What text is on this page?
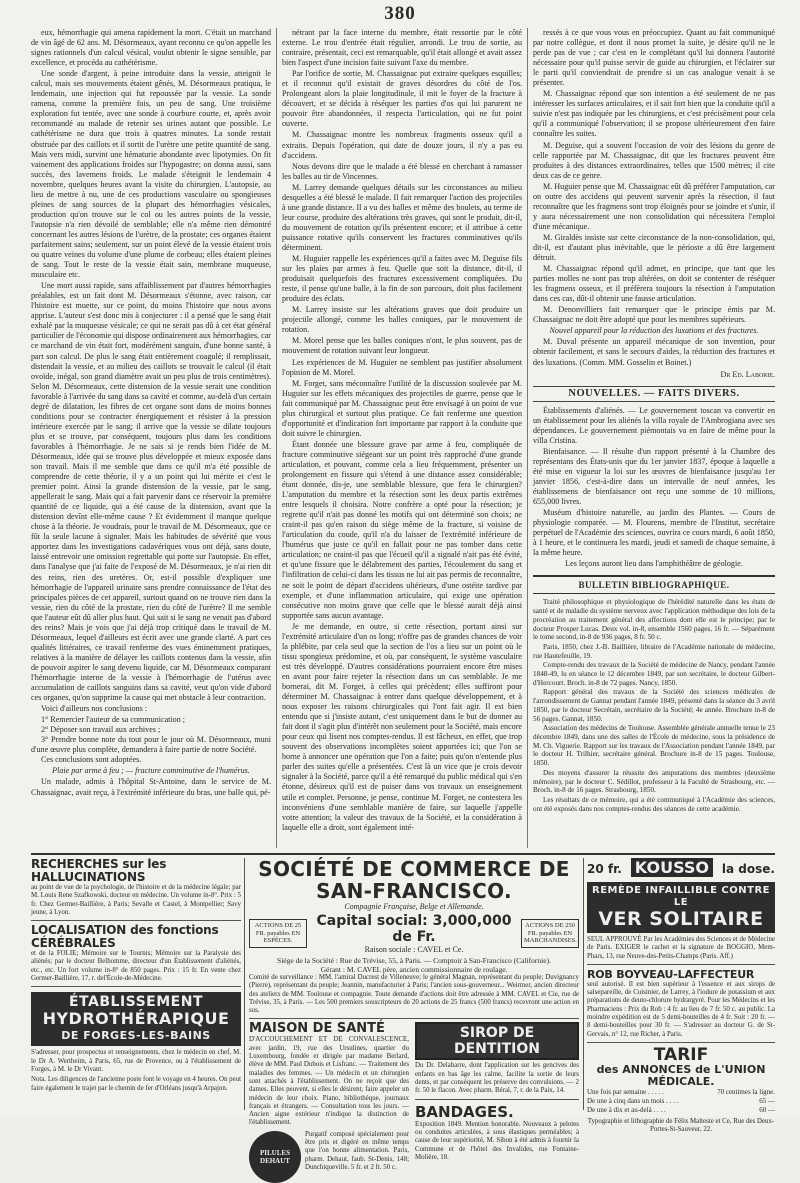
380

eux, hémorrhagie qui amena rapidement la mort. C'était un marchand de vin âgé de 62 ans. M. Désormeaux, ayant reconnu ce qu'on appelle les signes rationnels d'un calcul vésical, voulut obtenir le signe sensible, par excellence, et procéda au cathétérisme.

Une sonde d'argent, à peine introduite dans la vessie, atteignit le calcul, mais ses mouvements étaient gênés, M. Désormeaux pratiqua, le lendemain, une injection qui fut repoussée par la vessie. La sonde ramena, comme la première fois, un peu de sang. Une troisième exploration fut tentée, avec une sonde à courbure courte, et, après avoir recommandé au malade de retenir ses urines autant que possible. Le cathétérisme ne dura que trois à quatres minutes. La sonde restait obstruée par des caillots et il sortit de l'urètre une petite quantité de sang. Mais vers midi, survint une hématurie abondante avec lipotymies. On fit vainement des applications froides sur l'hypogastre; on donna aussi, sans succès, des lavemens froids. Le malade s'éteignit le lendemain 4 novembre, quelques heures avant la visite du chirurgien. L'autopsie, au lieu de mettre à nu, une de ces productions vasculaire ou spongieuses pleines de sang sources de la plupart des hémorrhagies vésicales, production qu'on trouve sur le col ou les autres points de la vessie, l'autopsie n'a rien dévoilé de semblable; elle n'a même rien démontré concernant les autres lésions de l'urètre, de la prostate; ces organes étaient parfaitement sains; seulement, sur un point élevé de la vessie étaient trois ou quatre veines du volume d'une plume de corbeau; elles étaient pleines de sang. Tout le reste de la vessie était sain, membrane muqueuse, musculaire etc.

Une mort aussi rapide, sans affaiblissement par d'autres hémorrhagies préalables, est un fait dont M. Désormeaux s'étonne, avec raison, car l'histoire est muette, sur ce point, du moins l'histoire que nous avons apprise. L'auteur s'est donc mis à conjecturer : il a pensé que le sang était exhalé par la muqueuse vésicale; ce qui ne serait pas dû à cet état général particulier de l'économie qui dispose ordinairement aux hémorrhagies, car ce marchand de vin était fort, modérément sanguin, d'une bonne santé, à part son calcul. De plus le sang était entièrement coagulé; il remplissait, distendait la vessie, et au milieu des caillots se trouvait le calcul (il était ovoïde, inégal, son grand diamètre avait un peu plus de trois centimètres). Selon M. Désormeaux, cette distension de la vessie serait une condition favorable à l'arrivée du sang dans sa cavité et comme, au-delà d'un certain degré de dilatation, les fibres de cet organe sont dans de moins bonnes conditions pour se contracter énergiquement et résister à la pression intérieure exercée par le sang; il arrive que la vessie se dilate toujours plus et se trouve, par conséquent, toujours plus dans les conditions favorables à l'hémorrhagie. Je ne sais si je rends bien l'idée de M. Désormeaux, idée qui se trouve plus développée et mieux exposée dans son travail. Mais il me semble que dans ce qu'il m'a été possible de comprendre de cette théorie, il y a un point qui lui mérite et c'est le premier point. Ainsi la grande distension de la vessie, par le sang, appellerait le sang. Mais qui a fait parvenir dans ce réservoir la première quantité de ce liquide, qui a été cause de la distension, avant que la distension devînt elle-même cause ? Et évidemment il manque quelque chose à la théorie. Je voudrais, pour le travail de M. Désormeaux, que ce fût la seule lacune à signaler. Mais les habitudes de sévérité que vous apportez dans les investigations cadavériques vous ont déjà, sans doute, laissé entrevoir une omission regrettable qui porte sur l'autopsie. En effet, dans l'analyse que j'ai faite de l'exposé de M. Désormeaux, je n'ai rien dit des reins, rien des uretères. Or, est-il possible d'expliquer une hémorrhagie de l'appareil urinaire sans prendre connaissance de l'état des principales pièces de cet appareil, surtout quand on ne trouve rien dans la vessie, rien du côté de la prostate, rien du côté de l'urètre? Il me semble que l'auteur eût dû aller plus haut. Qui sait si le sang ne venait pas d'abord des reins? Mais je vois que j'ai déjà trop critiqué dans le travail de M. Désormeaux, lequel d'ailleurs est écrit avec une grande clarté. A part ces qualités littéraires, ce travail renferme des vues éminemment pratiques, relatives à la manière de délayer les caillots contenus dans la vessie, afin de pouvoir aspirer le sang devenu liquide, car M. Désormeaux comparant l'hémorrhagie interne de la vessie à l'hémorrhagie de l'utérus avec accumulation de caillots sanguins dans sa cavité, veut qu'on vide d'abord ces organes, qu'on supprime la cause qui met obstacle à leur contraction.

Voici d'ailleurs nos conclusions :

1° Remercier l'auteur de sa communication ;
2° Déposer son travail aux archives ;
3° Prendre bonne note du tout pour le jour où M. Désormeaux, muni d'une œuvre plus complète, demandera à faire partie de notre Société.

Ces conclusions sont adoptées.

Plaie par arme à feu ; — fracture comminutive de l'humérus.

Un malade, admis à l'hôpital St-Antoine, dans le service de M. Chassaignac, avait reçu, à l'extrémité inférieure du bras, une balle qui, pé-

nétrant par la face interne du membre, était ressortie par le côté externe. Le trou d'entrée était régulier, arrondi. Le trou de sortie, au contraire, présentait, ceci est remarquable, qu'il était allongé et avait assez bien l'aspect d'une incision faite suivant l'axe du membre.

Par l'orifice de sortie, M. Chassaignac put extraire quelques esquilles; et il reconnut qu'il existait de graves désordres du côté de l'os. Prolongeant alors la plaie longitudinale, il mit le foyer de la fracture à découvert, et se décida à réséquer les parties d'os qui lui parurent ne pouvoir être abandonnées, il respecta l'articulation, qui ne fut point ouverte.

M. Chassaignac montre les nombreux fragments osseux qu'il a extraits. Depuis l'opération, qui date de douze jours, il n'y a pas eu d'accidens.

Nous devons dire que le malade a été blessé en cherchant à ramasser les balles au tir de Vincennes.

M. Larrey demande quelques détails sur les circonstances au milieu desquelles a été blessé le malade. Il fait remarquer l'action des projectiles à une grande distance. Il a vu des balles et même des boulets, au terme de leur course, produire des altérations très graves, qui sont le produit, dit-il, du mouvement de rotation qu'ils présentent encore; et il attribue à cette puissance rotative qu'ils conservent les fractures comminutives qu'ils déterminent.

M. Huguier rappelle les expériences qu'il a faites avec M. Deguise fils sur les plaies par armes à feu. Quelle que soit la distance, dit-il, il produisait quelquefois des fractures excessivement compliquées. Du reste, il pense qu'une balle, à la fin de son parcours, doit plus facilement produire des éclats.

M. Larrey insiste sur les altérations graves que doit produire un projectile allongé, comme les balles coniques, par le mouvement de rotation.

M. Morel pense que les balles coniques n'ont, le plus souvent, pas de mouvement de rotation suivant leur longueur.

Les expériences de M. Huguier ne semblent pas justifier absolument l'opinion de M. Morel.

M. Forget, sans méconnaître l'utilité de la discussion soulevée par M. Huguier sur les effets mécaniques des projectiles de guerre, pense que le fait communiqué par M. Chassaignac peut être envisagé à un point de vue plus chirurgical et surtout plus pratique. Ce fait renferme une question d'opportunité et d'indication fort importante par rapport à la conduite que doit suivre le chirurgien.

Étant donnée une blessure grave par arme à feu, compliquée de fracture comminutive siégeant sur un point très rapproché d'une grande articulation, et pouvant, comme cela a lieu fréquemment, présenter un prolongement en fissure qui s'étend à une distance assez considérable; étant donnée, dis-je, une semblable blessure, que fera le chirurgien? L'amputation du membre et la résection sont les deux partis extrêmes entre lesquels il choisira. Notre confrère a opté pour la résection; je regrette qu'il n'ait pas donné les motifs qui ont déterminé son choix; ne craint-il pas qu'en raison du siège même de la fracture, si voisine de l'articulation du coude, qu'il n'a du laisser de l'extrémité inférieure de l'humérus que juste ce qu'il en fallait pour ne pas tomber dans cette articulation; ne craint-il pas que l'écueil qu'il a signalé n'ait pas été évité, et qu'une fissure que le délabrement des parties, l'écoulement du sang et l'infiltration de celui-ci dans les tissus ne lui ait pas permis de reconnaître, ne soit le point de départ d'accidens ultérieurs, d'une ostéite tardive par exemple, et d'une inflammation articulaire, qui exige une opération consécutive non moins grave que celle que le blessé aurait déjà ainsi supportée sans aucun avantage.

Je me demande, en outre, si cette résection, portant ainsi sur l'extrémité articulaire d'un os long; n'offre pas de grandes chances de voir la phlébite, par cela seul que la section de l'os a lieu sur un point où le tissu spongieux prédomine, et où, par conséquent, le système vasculaire est très développé. D'autres considérations pourraient encore être mises en avant pour faire rejeter la résection dans un cas semblable. Je me bornerai, dit M. Forget, à celles qui précèdent; elles suffiront pour déterminer M. Chassaignac à entrer dans quelque développement, et à nous exposer les raisons chirurgicales qui l'ont fait agir. Il est bien entendu que si j'insiste autant, c'est uniquement dans le but de donner au fait dont il s'agit plus d'intérêt non seulement pour la Société, mais encore pour ceux qui lisent nos comptes-rendus. Il est fâcheux, en effet, que trop souvent des observations incomplètes soient apportées ici; que l'on se borne à annoncer une opération que l'on a faite; puis qu'on n'entende plus parler des suites qu'elle a présentées. C'est là un vice que je crois devoir signaler à la Société, parce qu'il a été remarqué du public médical qui s'en étonne, désireux qu'il est de puiser dans vos travaux un enseignement utile et complet. Personne, je pense, continue M. Forget, ne contestera les inconvéniens d'une semblable manière de faire, sur laquelle j'appelle votre attention; la valeur des travaux de la Société, et la considération à laquelle elle a droit, sont également inté-

ressés à ce que vous vous en préoccupiez. Quant au fait communiqué par notre collègue, et dont il nous promet la suite, je désire qu'il ne le perde pas de vue ; car c'est en le complétant qu'il lui donnera l'autorité nécessaire pour qu'il puisse servir de guide au chirurgien, et l'éclairer sur le parti qu'il conviendrait de prendre si un cas analogue venait à se présenter.

M. Chassaignac répond que son intention a été seulement de ne pas intéresser les surfaces articulaires, et il sait fort bien que la conduite qu'il a suivie n'est pas indiquée par les chirurgiens, et c'est précisément pour cela qu'il a communiqué l'observation; il se propose ultérieurement d'en faire connaître les suites.

M. Deguise, qui a souvent l'occasion de voir des lésions du genre de celle rapportée par M. Chassaignac, dit que les fractures peuvent être produites à des distances extraordinaires, telles que 1500 mètres; il cite deux cas de ce genre.

M. Huguier pense que M. Chassaignac eût dû préférer l'amputation, car on outre des accidens qui peuvent survenir après la résection, il faut reconnaître que les fragmens sont trop éloignés pour se joindre et s'unir, il y aura nécessairement une non consolidation qui nécessitera l'emploi d'une mécanique.

M. Giraldès insiste sur cette circonstance de la non-consolidation, qui, dit-il, est d'autant plus inévitable, que le périoste a dû être largement détruit.

M. Chassaignac répond qu'il admet, en principe, que tant que les parties molles ne sont pas trop altérées, on doit se contenter de réséquer les fragmens osseux, et il préfèrera toujours la résection à l'amputation dans ces cas, dût-il obtenir une fausse articulation.

M. Denonvilliers fait remarquer que le principe émis par M. Chassaignac ne doit être adopté que pour les membres supérieurs.

Nouvel appareil pour la réduction des luxations et des fractures.

M. Duval présente un appareil mécanique de son invention, pour obtenir facilement, et sans le secours d'aides, la réduction des fractures et des luxations. (Comm. MM. Gosselin et Boinet.)

Dr Ed. Laborie.

NOUVELLES. — FAITS DIVERS.

Établissements d'aliénés. — Le gouvernement toscan va convertir en un établissement pour les aliénés la villa royale de l'Ambrogiana avec ses dépendances. Le gouvernement piémontais va en faire de même pour la villa Cristina.

Bienfaisance. — Il résulte d'un rapport présenté à la Chambre des représentans des États-unis que du 1er janvier 1837, époque à laquelle a été mise en vigueur la loi sur les œuvres de bienfaisance jusqu'au 1er janvier 1856, c'est-à-dire dans un intervalle de neuf années, les établissemens de bienfaisance ont reçu une somme de 10 millions, 655,000 livres.

Muséum d'histoire naturelle, au jardin des Plantes. — Cours de physiologie comparée. — M. Flourens, membre de l'Institut, secrétaire perpétuel de l'Académie des sciences, ouvrira ce cours mardi, 6 août 1850, à 1 heure, et le continuera les mardi, jeudi et samedi de chaque semaine, à la même heure.

Les leçons auront lieu dans l'amphithéâtre de géologie.

BULLETIN BIBLIOGRAPHIQUE.

Traité philosophique et physiologique de l'hérédité naturelle dans les états de santé et de maladie du système nerveux avec l'application méthodique des lois de la procréation au traitement général des affections dont elle est le principe; par le docteur Prosper Lucas. Deux vol. in-8, ensemble 1560 pages, 16 fr. — Séparément le tome second, in-8 de 936 pages, 8 fr. 50 c.

Paris, 1850, chez J.-B. Baillière, libraire de l'Académie nationale de médecine, rue Hautefeuille, 19.

Compte-rendu des travaux de la Société de médecine de Nancy, pendant l'année 1848-49, lu en séance le 12 décembre 1849, par son secrétaire, le docteur Gilbert-d'Hercourt. Broch. in-8 de 72 pages. Nancy, 1850.

Rapport général des travaux de la Société des sciences médicales de l'arrondissement de Gannat pendant l'année 1849, présenté dans la séance du 3 avril 1850, par le docteur Secrétain, secrétaire de la Société; 4e année. Brochure in-8 de 56 pages. Gannat, 1850.

Association des médecins de Toulouse. Assemblée générale annuelle tenue le 23 décembre 1849, dans une des salles de l'École de médecine, sous la présidence de M. Ch. Viguerie. Rapport sur les travaux de l'Association pendant l'année 1849, par le docteur H. Trilhier, secrétaire général. Brochure in-8 de 15 pages. Toulouse, 1850.

Des moyens d'assurer la réussite des amputations des membres (deuxième mémoire), par le docteur C. Sédillot, professeur à la Faculté de Strasbourg, etc. — Broch. in-8 de 16 pages. Strasbourg, 1850.

Les résultats de ce mémoire, qui a été communiqué à l'Académie des sciences, ont été exposés dans nos comptes-rendus des séances de cette académie.

RECHERCHES sur les HALLUCINATIONS
au point de vue de la psychologie, de l'histoire et de la médecine légale; par M. Louis Rene Szafkowski, docteur en médecine. Un volume in-8°. Prix : 5 fr. Chez Germer-Baillière, à Paris; Sevalle et Castel, à Montpellier; Savy jeune, à Lyon.
LOCALISATION des fonctions CÉRÉBRALES
et de la FOLIE; Mémoire sur le Tournis; Mémoire sur la Paralysie des aliénés; par le docteur Belhomme, directeur d'un Établissement d'aliénés, etc., etc. Un fort volume in-8° de 850 pages. Prix : 15 fr. En vente chez Germer-Baillière, 17, r. del'École-de-Médecine.
ÉTABLISSEMENT
HYDROTHÉRAPIQUE
DE FORGES-LES-BAINS
S'adresser, pour prospectus et renseignements, chez le médecin en chef, M. le Dr A. Wertheim, à Paris, 65, rue de Provence, ou à l'établissement de Forges, à M. le Dr Vivant.
Nota. Les diligences de l'ancienne poste font le voyage en 4 heures. On peut faire également le trajet par le chemin de fer d'Orléans jusqu'à Arpajon.
SOCIÉTÉ DE COMMERCE DE SAN-FRANCISCO.
Compagnie Française, Belge et Allemande.
ACTIONS DE 25 FR. payables EN ESPÈCES.
Capital social: 3,000,000 de Fr.
Raison sociale : CAVEL et Ce.
ACTIONS DE 250 FR. payables EN MARCHANDISES.
Siége de la Société : Rue de Trévise, 55, à Paris. — Comptoir à San-Francisco (Californie).
Gérant : M. CAVEL père, ancien commissionnaire de roulage.
Comité de surveillance : MM. l'amiral Ducrest de Villeneuve; le général Magnan, représentant du peuple; Duvignancy (Pierre), représentant du peuple; Jeannin, manufacturier à Paris; l'ancien sous-gouverneur... Weirmer, ancien directeur des ateliers de MM. Toulouse et compagnie. Toute demande d'actions doit être adressée à MM. CAVEL et Cie, rue de Trévise, 35, à Paris. — Les 500 premiers souscripteurs de 20 actions de 25 francs (500 francs) recevront une action en sus.
MAISON DE SANTÉ
D'ACCOUCHEMENT ET DE CONVALESCENCE, avec jardin, 19, rue des Ursulines, quartier du Luxembourg, fondée et dirigée par madame Berlard, élève de MM. Paul Dubois et Lisfranc. — Traitement des maladies des femmes. — Un médecin et un chirurgien sont attachés à l'établissement. On ne reçoit que des dames. Elles peuvent, si elles le désirent, faire appeler un médecin de leur choix. Piano, bibliothèque, journaux français et étrangers. — Consultation tous les jours. — Ancien aigne extérieur n'indique la distinction de l'établissement.
PILULES DEHAUT
Purgatif composé spécialement pour être pris et digéré en même temps que l'on bonne alimentation. Paris, pharm. Dehaut, faub. St-Denis, 148; Dunchiqueville. 5 fr. et 2 fr. 50 c.
SIROP DE DENTITION
Du Dr. Delabarre, dont l'application sur les gencives des enfants en bas âge les calme, facilite la sortie de leurs dents, et par conséquent les préserve des convulsions. — 2 fr. 50 le flacon. Avec pharm. Béral, 7, r. de la Paix, 14.
BANDAGES.
Exposition 1849. Mention honorable. Nouveaux à pelotes ou conduites articulées, à sous élastiques perméables; à cause de leur supériorité, M. Sibon à été admis à fournir la Commune et de l'hôtel des Invalides, rue Fontaine-Molière, 18.
20 fr. KOUSSO	la dose.
REMÈDE INFAILLIBLE CONTRE LE
VER SOLITAIRE
SEUL APPROUVÉ Par les Académies des Sciences et de Médecine de Paris. EXIGER le cachet et la signature de BOGGIO, Mem-Phars, 13, rue Neuve-des-Petits-Champs (Paris. Aff.)
ROB BOYVEAU-LAFFECTEUR
seul autorisé. Il est bien supérieur à l'essence et aux sirops de salsepareille, de Cuisinier, de Larrey, à l'iodure de potassium et aux préparations de deuto-chlorure hydrargyré. Pour les Médecins et les Pharmaciens : Prix du Rob : 4 fr. au lieu de 7 fr. 50 c. au public. La moindre expédition est de 5 demi-bouteilles de 4 fr. Soit : 20 fr. — 8 demi-bouteilles pour 30 fr. — S'adresser au docteur G. de St-Gervais, n° 12, rue Richer, à Paris.
TARIF
des ANNONCES de L'UNION MÉDICALE.
Une fois par semaine . . . . .	70 centimes la ligne.
De une à cinq dans un mois . . . .	65 —
De une à dix et au-delà . . . .	60 —
Typographie et lithographie de Félix Malteste et Ce, Rue des Deux-Portes-St-Sauveur, 22.
